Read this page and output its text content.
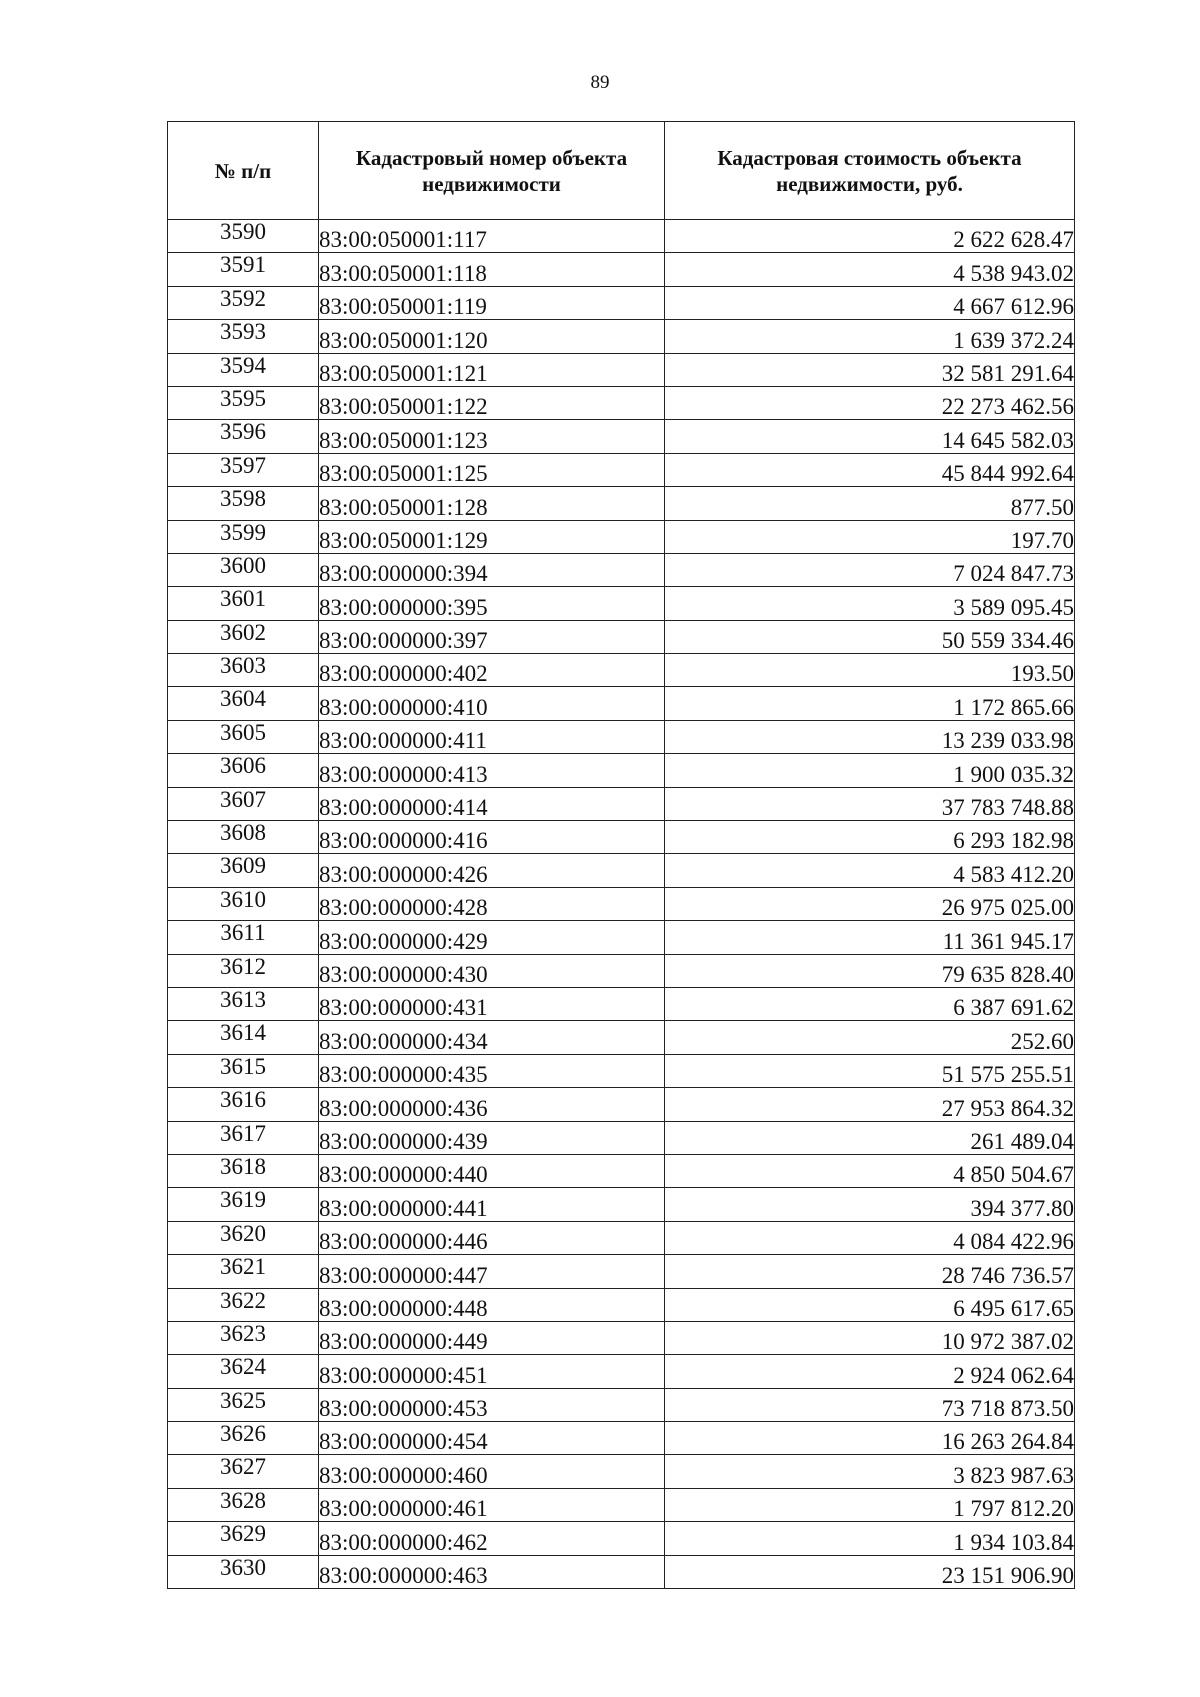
89
№ п/п	Кадастровый номер объекта недвижимости	Кадастровая стоимость объекта недвижимости, руб.
3590	83:00:050001:117	2 622 628.47
3591	83:00:050001:118	4 538 943.02
3592	83:00:050001:119	4 667 612.96
3593	83:00:050001:120	1 639 372.24
3594	83:00:050001:121	32 581 291.64
3595	83:00:050001:122	22 273 462.56
3596	83:00:050001:123	14 645 582.03
3597	83:00:050001:125	45 844 992.64
3598	83:00:050001:128	877.50
3599	83:00:050001:129	197.70
3600	83:00:000000:394	7 024 847.73
3601	83:00:000000:395	3 589 095.45
3602	83:00:000000:397	50 559 334.46
3603	83:00:000000:402	193.50
3604	83:00:000000:410	1 172 865.66
3605	83:00:000000:411	13 239 033.98
3606	83:00:000000:413	1 900 035.32
3607	83:00:000000:414	37 783 748.88
3608	83:00:000000:416	6 293 182.98
3609	83:00:000000:426	4 583 412.20
3610	83:00:000000:428	26 975 025.00
3611	83:00:000000:429	11 361 945.17
3612	83:00:000000:430	79 635 828.40
3613	83:00:000000:431	6 387 691.62
3614	83:00:000000:434	252.60
3615	83:00:000000:435	51 575 255.51
3616	83:00:000000:436	27 953 864.32
3617	83:00:000000:439	261 489.04
3618	83:00:000000:440	4 850 504.67
3619	83:00:000000:441	394 377.80
3620	83:00:000000:446	4 084 422.96
3621	83:00:000000:447	28 746 736.57
3622	83:00:000000:448	6 495 617.65
3623	83:00:000000:449	10 972 387.02
3624	83:00:000000:451	2 924 062.64
3625	83:00:000000:453	73 718 873.50
3626	83:00:000000:454	16 263 264.84
3627	83:00:000000:460	3 823 987.63
3628	83:00:000000:461	1 797 812.20
3629	83:00:000000:462	1 934 103.84
3630	83:00:000000:463	23 151 906.90
